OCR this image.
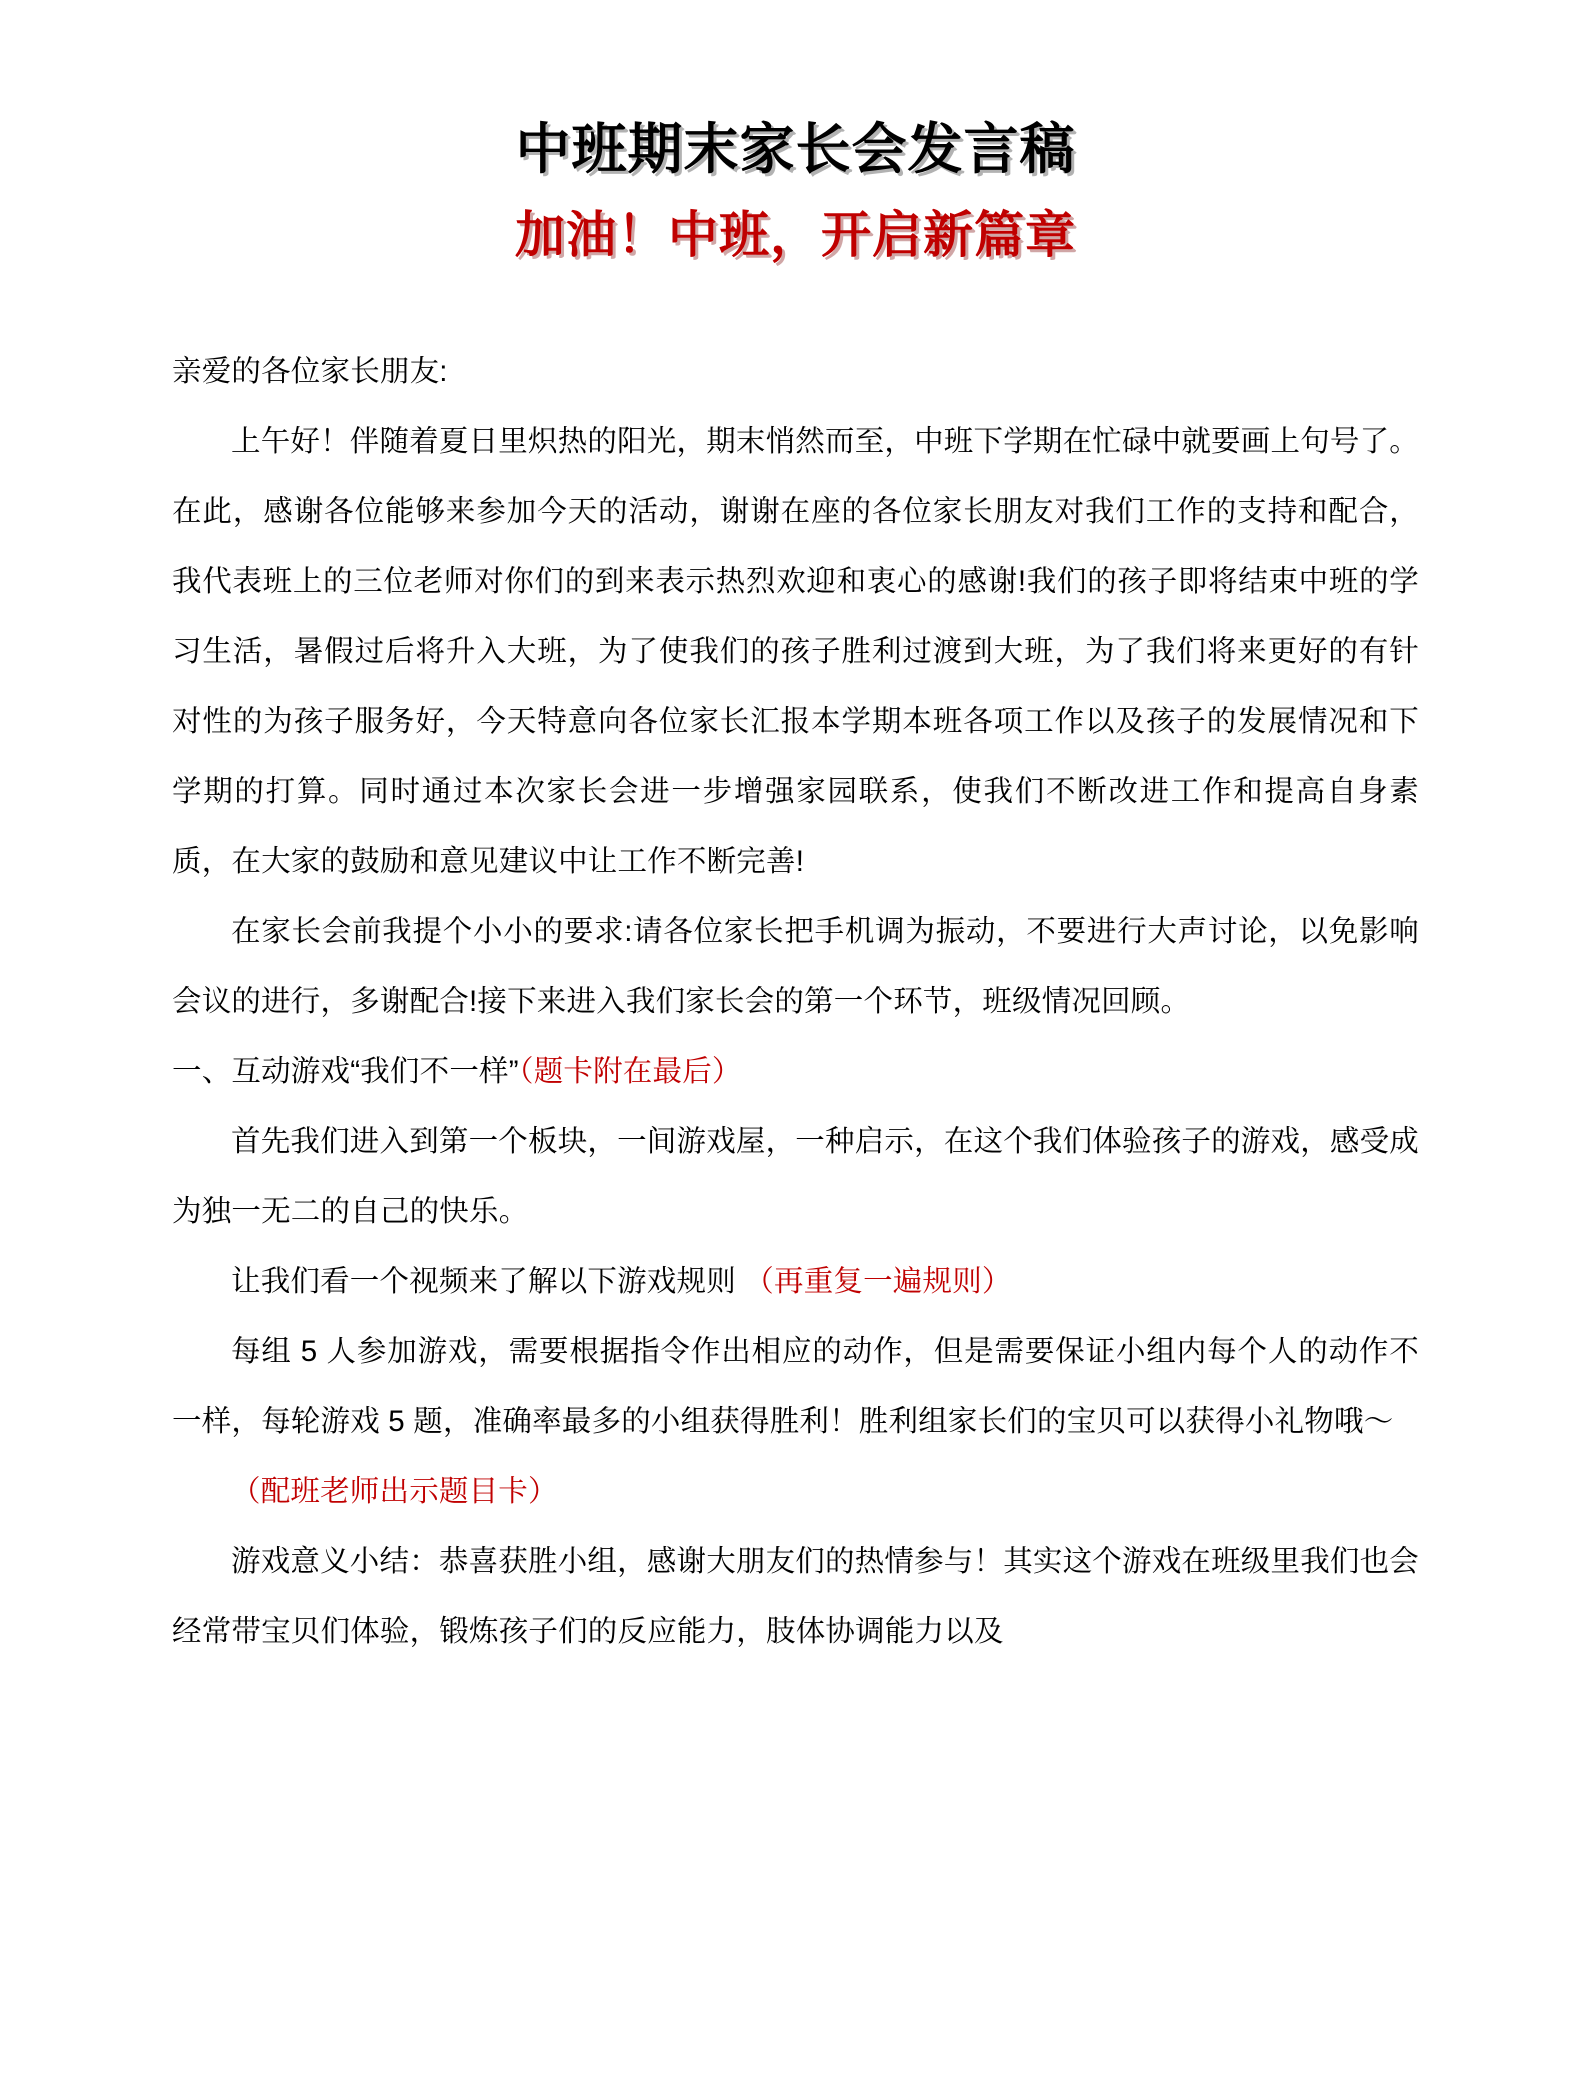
中班期末家长会发言稿
加油！中班，开启新篇章

亲爱的各位家长朋友:

上午好！伴随着夏日里炽热的阳光，期末悄然而至，中班下学期在忙碌中就要画上句号了。在此，感谢各位能够来参加今天的活动，谢谢在座的各位家长朋友对我们工作的支持和配合，我代表班上的三位老师对你们的到来表示热烈欢迎和衷心的感谢!我们的孩子即将结束中班的学习生活，暑假过后将升入大班，为了使我们的孩子胜利过渡到大班，为了我们将来更好的有针对性的为孩子服务好，今天特意向各位家长汇报本学期本班各项工作以及孩子的发展情况和下学期的打算。同时通过本次家长会进一步增强家园联系，使我们不断改进工作和提高自身素质，在大家的鼓励和意见建议中让工作不断完善!

在家长会前我提个小小的要求:请各位家长把手机调为振动，不要进行大声讨论，以免影响会议的进行，多谢配合!接下来进入我们家长会的第一个环节，班级情况回顾。

一、互动游戏“我们不一样”（题卡附在最后）

首先我们进入到第一个板块，一间游戏屋，一种启示，在这个我们体验孩子的游戏，感受成为独一无二的自己的快乐。

让我们看一个视频来了解以下游戏规则 （再重复一遍规则）

每组 5 人参加游戏，需要根据指令作出相应的动作，但是需要保证小组内每个人的动作不一样，每轮游戏 5 题，准确率最多的小组获得胜利！胜利组家长们的宝贝可以获得小礼物哦～

（配班老师出示题目卡）

游戏意义小结：恭喜获胜小组，感谢大朋友们的热情参与！其实这个游戏在班级里我们也会经常带宝贝们体验，锻炼孩子们的反应能力，肢体协调能力以及
